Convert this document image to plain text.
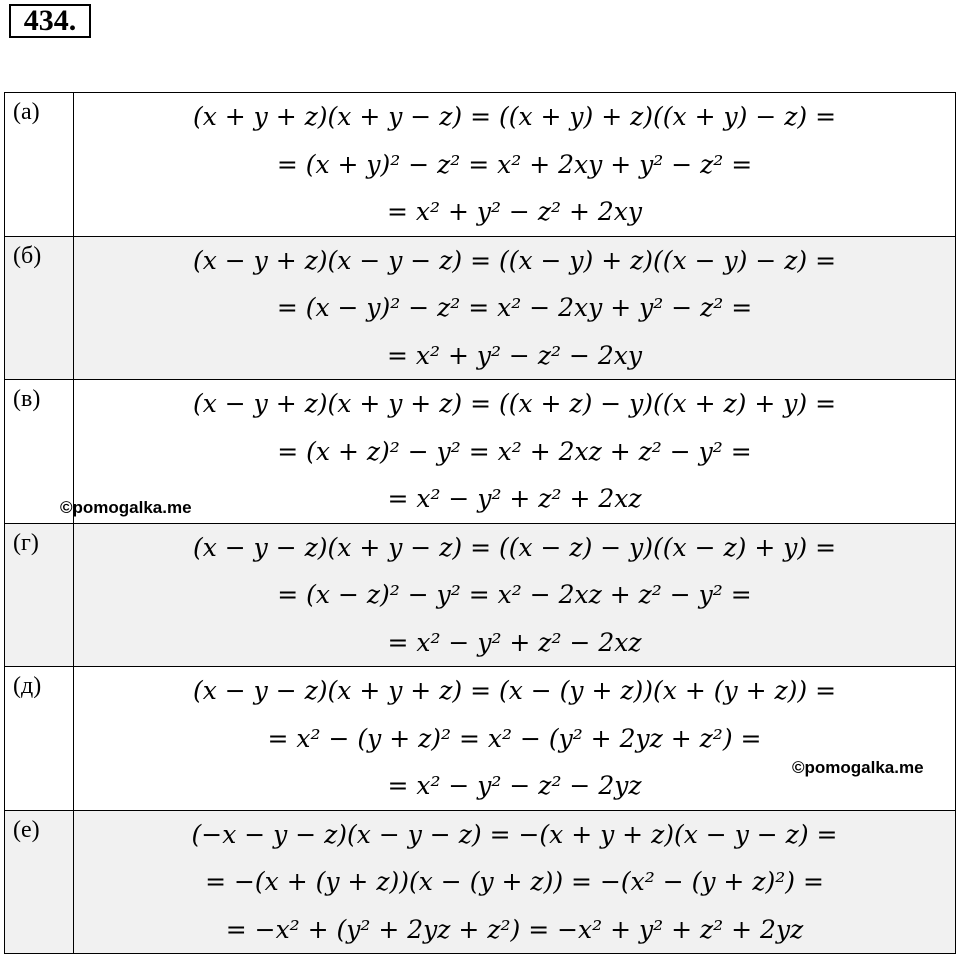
434.
(а)	(x + y + z)(x + y − z) = ((x + y) + z)((x + y) − z) =
= (x + y)² − z² = x² + 2xy + y² − z² =
= x² + y² − z² + 2xy

(б)	(x − y + z)(x − y − z) = ((x − y) + z)((x − y) − z) =
= (x − y)² − z² = x² − 2xy + y² − z² =
= x² + y² − z² − 2xy

(в)	(x − y + z)(x + y + z) = ((x + z) − y)((x + z) + y) =
= (x + z)² − y² = x² + 2xz + z² − y² =
= x² − y² + z² + 2xz

(г)	(x − y − z)(x + y − z) = ((x − z) − y)((x − z) + y) =
= (x − z)² − y² = x² − 2xz + z² − y² =
= x² − y² + z² − 2xz

(д)	(x − y − z)(x + y + z) = (x − (y + z))(x + (y + z)) =
= x² − (y + z)² = x² − (y² + 2yz + z²) =
= x² − y² − z² − 2yz

(е)	(−x − y − z)(x − y − z) = −(x + y + z)(x − y − z) =
= −(x + (y + z))(x − (y + z)) = −(x² − (y + z)²) =
= −x² + (y² + 2yz + z²) = −x² + y² + z² + 2yz
©pomogalka.me
©pomogalka.me
